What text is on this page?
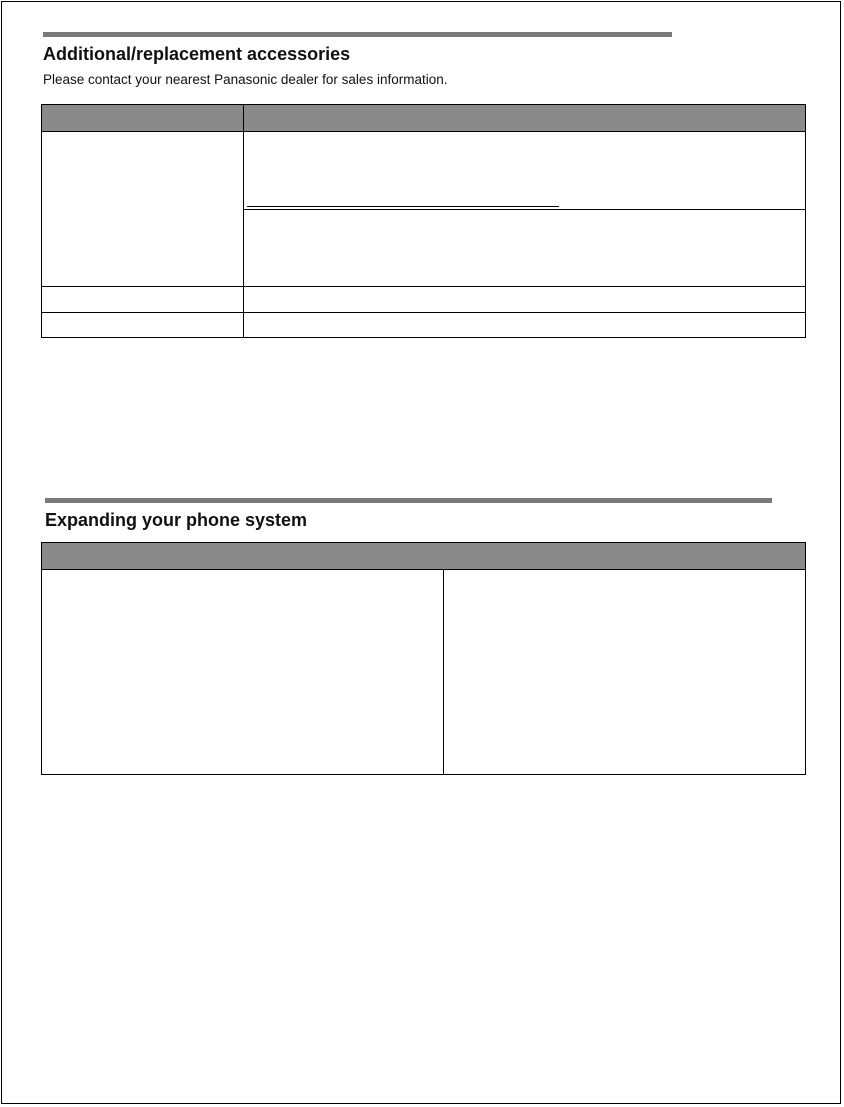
Additional/replacement accessories

Please contact your nearest Panasonic dealer for sales information.

Expanding your phone system
